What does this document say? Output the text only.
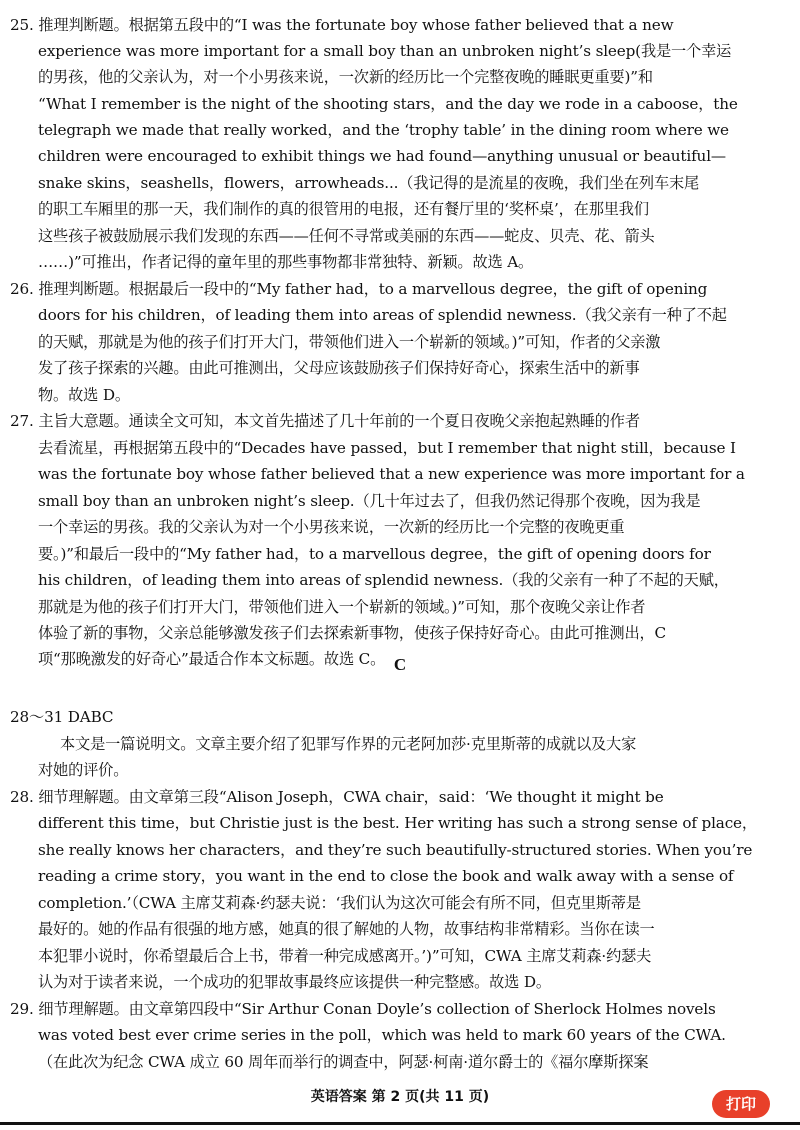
25. 推理判断题。根据第五段中的“I was the fortunate boy whose father believed that a new
experience was more important for a small boy than an unbroken night’s sleep(我是一个幸运
的男孩，他的父亲认为，对一个小男孩来说，一次新的经历比一个完整夜晚的睡眠更重要)”和
“What I remember is the night of the shooting stars，and the day we rode in a caboose，the
telegraph we made that really worked，and the ‘trophy table’ in the dining room where we
children were encouraged to exhibit things we had found—anything unusual or beautiful—
snake skins，seashells，flowers，arrowheads...（我记得的是流星的夜晚，我们坐在列车末尾
的职工车厢里的那一天，我们制作的真的很管用的电报，还有餐厅里的‘奖杯桌’，在那里我们
这些孩子被鼓励展示我们发现的东西——任何不寻常或美丽的东西——蛇皮、贝壳、花、箭头
……)”可推出，作者记得的童年里的那些事物都非常独特、新颖。故选 A。
26. 推理判断题。根据最后一段中的“My father had，to a marvellous degree，the gift of opening
doors for his children，of leading them into areas of splendid newness.（我父亲有一种了不起
的天赋，那就是为他的孩子们打开大门，带领他们进入一个崭新的领域。)”可知，作者的父亲激
发了孩子探索的兴趣。由此可推测出，父母应该鼓励孩子们保持好奇心，探索生活中的新事
物。故选 D。
27. 主旨大意题。通读全文可知，本文首先描述了几十年前的一个夏日夜晚父亲抱起熟睡的作者
去看流星，再根据第五段中的“Decades have passed，but I remember that night still，because I
was the fortunate boy whose father believed that a new experience was more important for a
small boy than an unbroken night’s sleep.（几十年过去了，但我仍然记得那个夜晚，因为我是
一个幸运的男孩。我的父亲认为对一个小男孩来说，一次新的经历比一个完整的夜晚更重
要。)”和最后一段中的“My father had，to a marvellous degree，the gift of opening doors for
his children，of leading them into areas of splendid newness.（我的父亲有一种了不起的天赋，
那就是为他的孩子们打开大门，带领他们进入一个崭新的领域。)”可知，那个夜晚父亲让作者
体验了新的事物，父亲总能够激发孩子们去探索新事物，使孩子保持好奇心。由此可推测出，C
项“那晚激发的好奇心”最适合作本文标题。故选 C。 C
28～31 DABC
本文是一篇说明文。文章主要介绍了犯罪写作界的元老阿加莎·克里斯蒂的成就以及大家
对她的评价。
28. 细节理解题。由文章第三段“Alison Joseph，CWA chair，said：‘We thought it might be
different this time，but Christie just is the best. Her writing has such a strong sense of place，
she really knows her characters，and they’re such beautifully-structured stories. When you’re
reading a crime story，you want in the end to close the book and walk away with a sense of
completion.’（CWA 主席艾莉森·约瑟夫说：‘我们认为这次可能会有所不同，但克里斯蒂是
最好的。她的作品有很强的地方感，她真的很了解她的人物，故事结构非常精彩。当你在读一
本犯罪小说时，你希望最后合上书，带着一种完成感离开。’)”可知，CWA 主席艾莉森·约瑟夫
认为对于读者来说，一个成功的犯罪故事最终应该提供一种完整感。故选 D。
29. 细节理解题。由文章第四段中“Sir Arthur Conan Doyle’s collection of Sherlock Holmes novels
was voted best ever crime series in the poll，which was held to mark 60 years of the CWA.
（在此次为纪念 CWA 成立 60 周年而举行的调查中，阿瑟·柯南·道尔爵士的《福尔摩斯探案
英语答案 第 2 页(共 11 页)	打印
